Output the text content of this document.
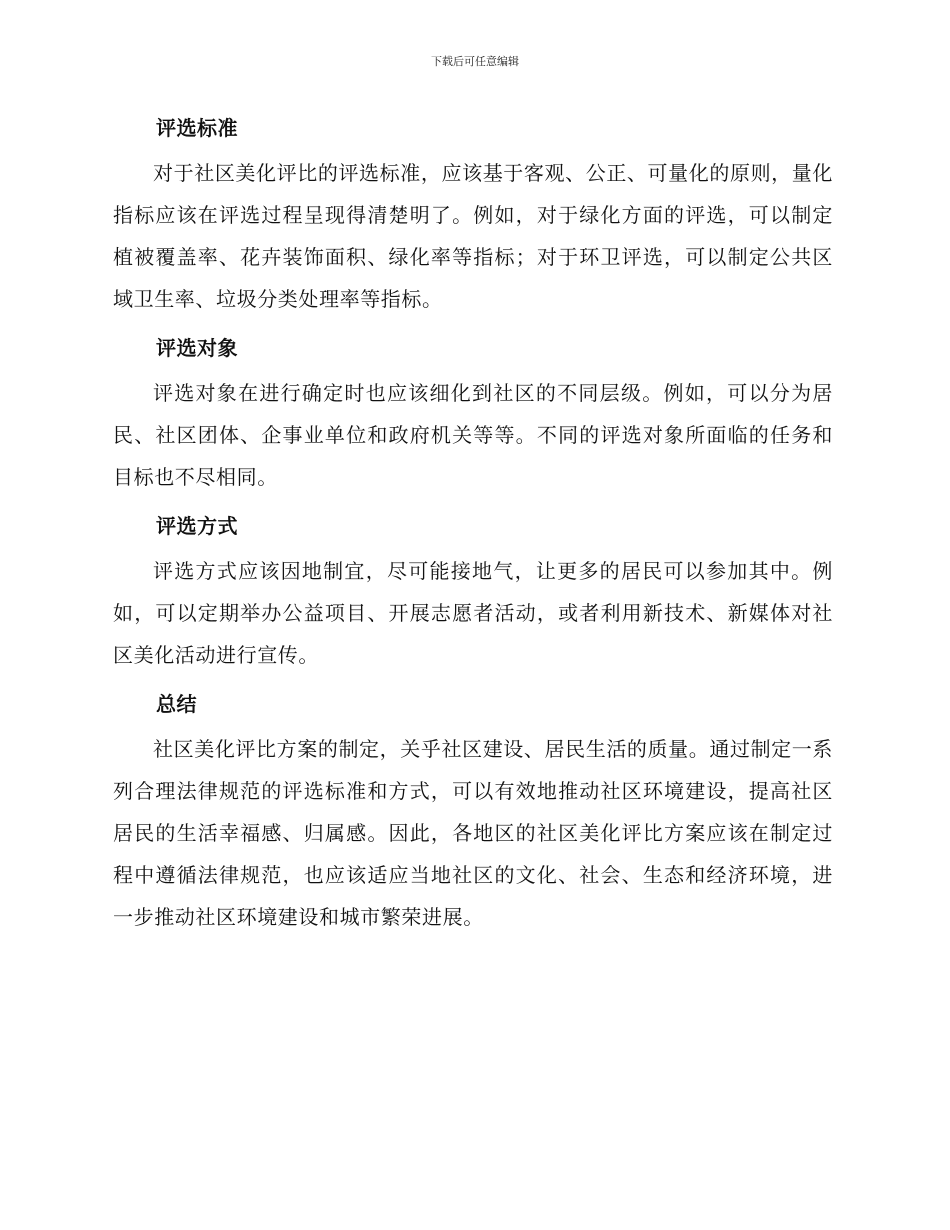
下载后可任意编辑
评选标准

对于社区美化评比的评选标准，应该基于客观、公正、可量化的原则，量化指标应该在评选过程呈现得清楚明了。例如，对于绿化方面的评选，可以制定植被覆盖率、花卉装饰面积、绿化率等指标；对于环卫评选，可以制定公共区域卫生率、垃圾分类处理率等指标。

评选对象

评选对象在进行确定时也应该细化到社区的不同层级。例如，可以分为居民、社区团体、企事业单位和政府机关等等。不同的评选对象所面临的任务和目标也不尽相同。

评选方式

评选方式应该因地制宜，尽可能接地气，让更多的居民可以参加其中。例如，可以定期举办公益项目、开展志愿者活动，或者利用新技术、新媒体对社区美化活动进行宣传。

总结

社区美化评比方案的制定，关乎社区建设、居民生活的质量。通过制定一系列合理法律规范的评选标准和方式，可以有效地推动社区环境建设，提高社区居民的生活幸福感、归属感。因此，各地区的社区美化评比方案应该在制定过程中遵循法律规范，也应该适应当地社区的文化、社会、生态和经济环境，进一步推动社区环境建设和城市繁荣进展。
